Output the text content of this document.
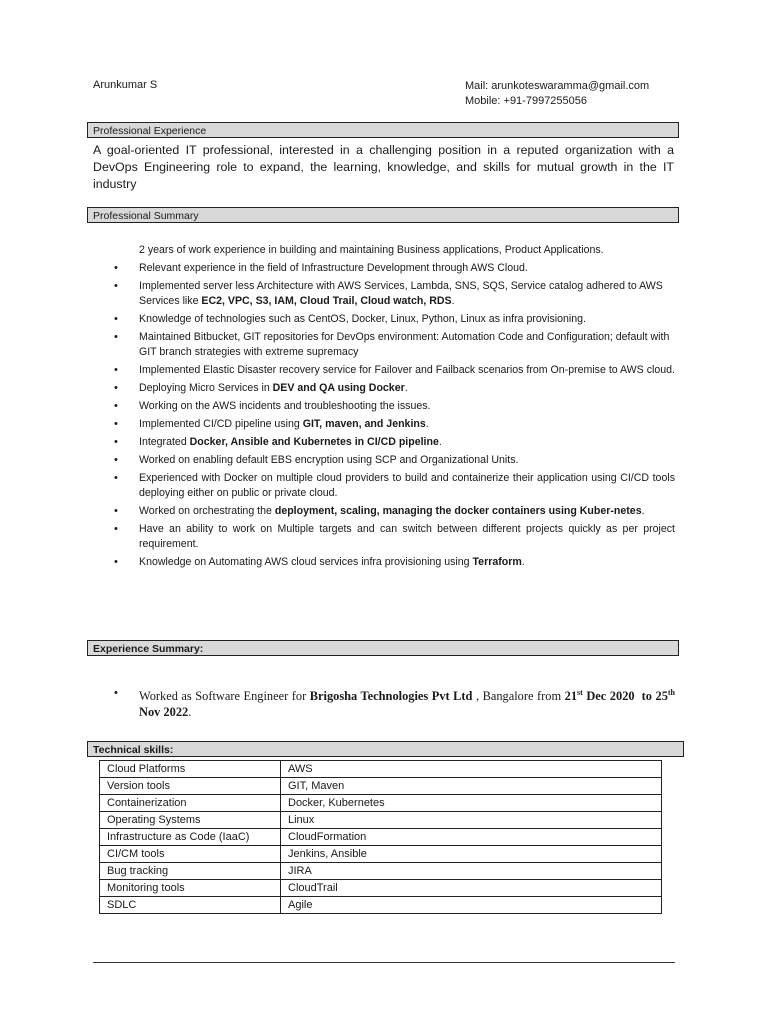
Arunkumar S	Mail: arunkoteswaramma@gmail.com
Mobile: +91-7997255056
Professional Experience
A goal-oriented IT professional, interested in a challenging position in a reputed organization with a DevOps Engineering role to expand, the learning, knowledge, and skills for mutual growth in the IT industry
Professional Summary
2 years of work experience in building and maintaining Business applications, Product Applications.
• Relevant experience in the field of Infrastructure Development through AWS Cloud.
• Implemented server less Architecture with AWS Services, Lambda, SNS, SQS, Service catalog adhered to AWS Services like EC2, VPC, S3, IAM, Cloud Trail, Cloud watch, RDS.
• Knowledge of technologies such as CentOS, Docker, Linux, Python, Linux as infra provisioning.
• Maintained Bitbucket, GIT repositories for DevOps environment: Automation Code and Configuration; default with GIT branch strategies with extreme supremacy
• Implemented Elastic Disaster recovery service for Failover and Failback scenarios from On-premise to AWS cloud.
• Deploying Micro Services in DEV and QA using Docker.
• Working on the AWS incidents and troubleshooting the issues.
• Implemented CI/CD pipeline using GIT, maven, and Jenkins.
• Integrated Docker, Ansible and Kubernetes in CI/CD pipeline.
• Worked on enabling default EBS encryption using SCP and Organizational Units.
• Experienced with Docker on multiple cloud providers to build and containerize their application using CI/CD tools deploying either on public or private cloud.
• Worked on orchestrating the deployment, scaling, managing the docker containers using Kuber-netes.
• Have an ability to work on Multiple targets and can switch between different projects quickly as per project requirement.
• Knowledge on Automating AWS cloud services infra provisioning using Terraform.
Experience Summary:
• Worked as Software Engineer for Brigosha Technologies Pvt Ltd , Bangalore from 21st Dec 2020 to 25th Nov 2022.
Technical skills:
Cloud Platforms	AWS
Version tools	GIT, Maven
Containerization	Docker, Kubernetes
Operating Systems	Linux
Infrastructure as Code (IaaC)	CloudFormation
CI/CM tools	Jenkins, Ansible
Bug tracking	JIRA
Monitoring tools	CloudTrail
SDLC	Agile
